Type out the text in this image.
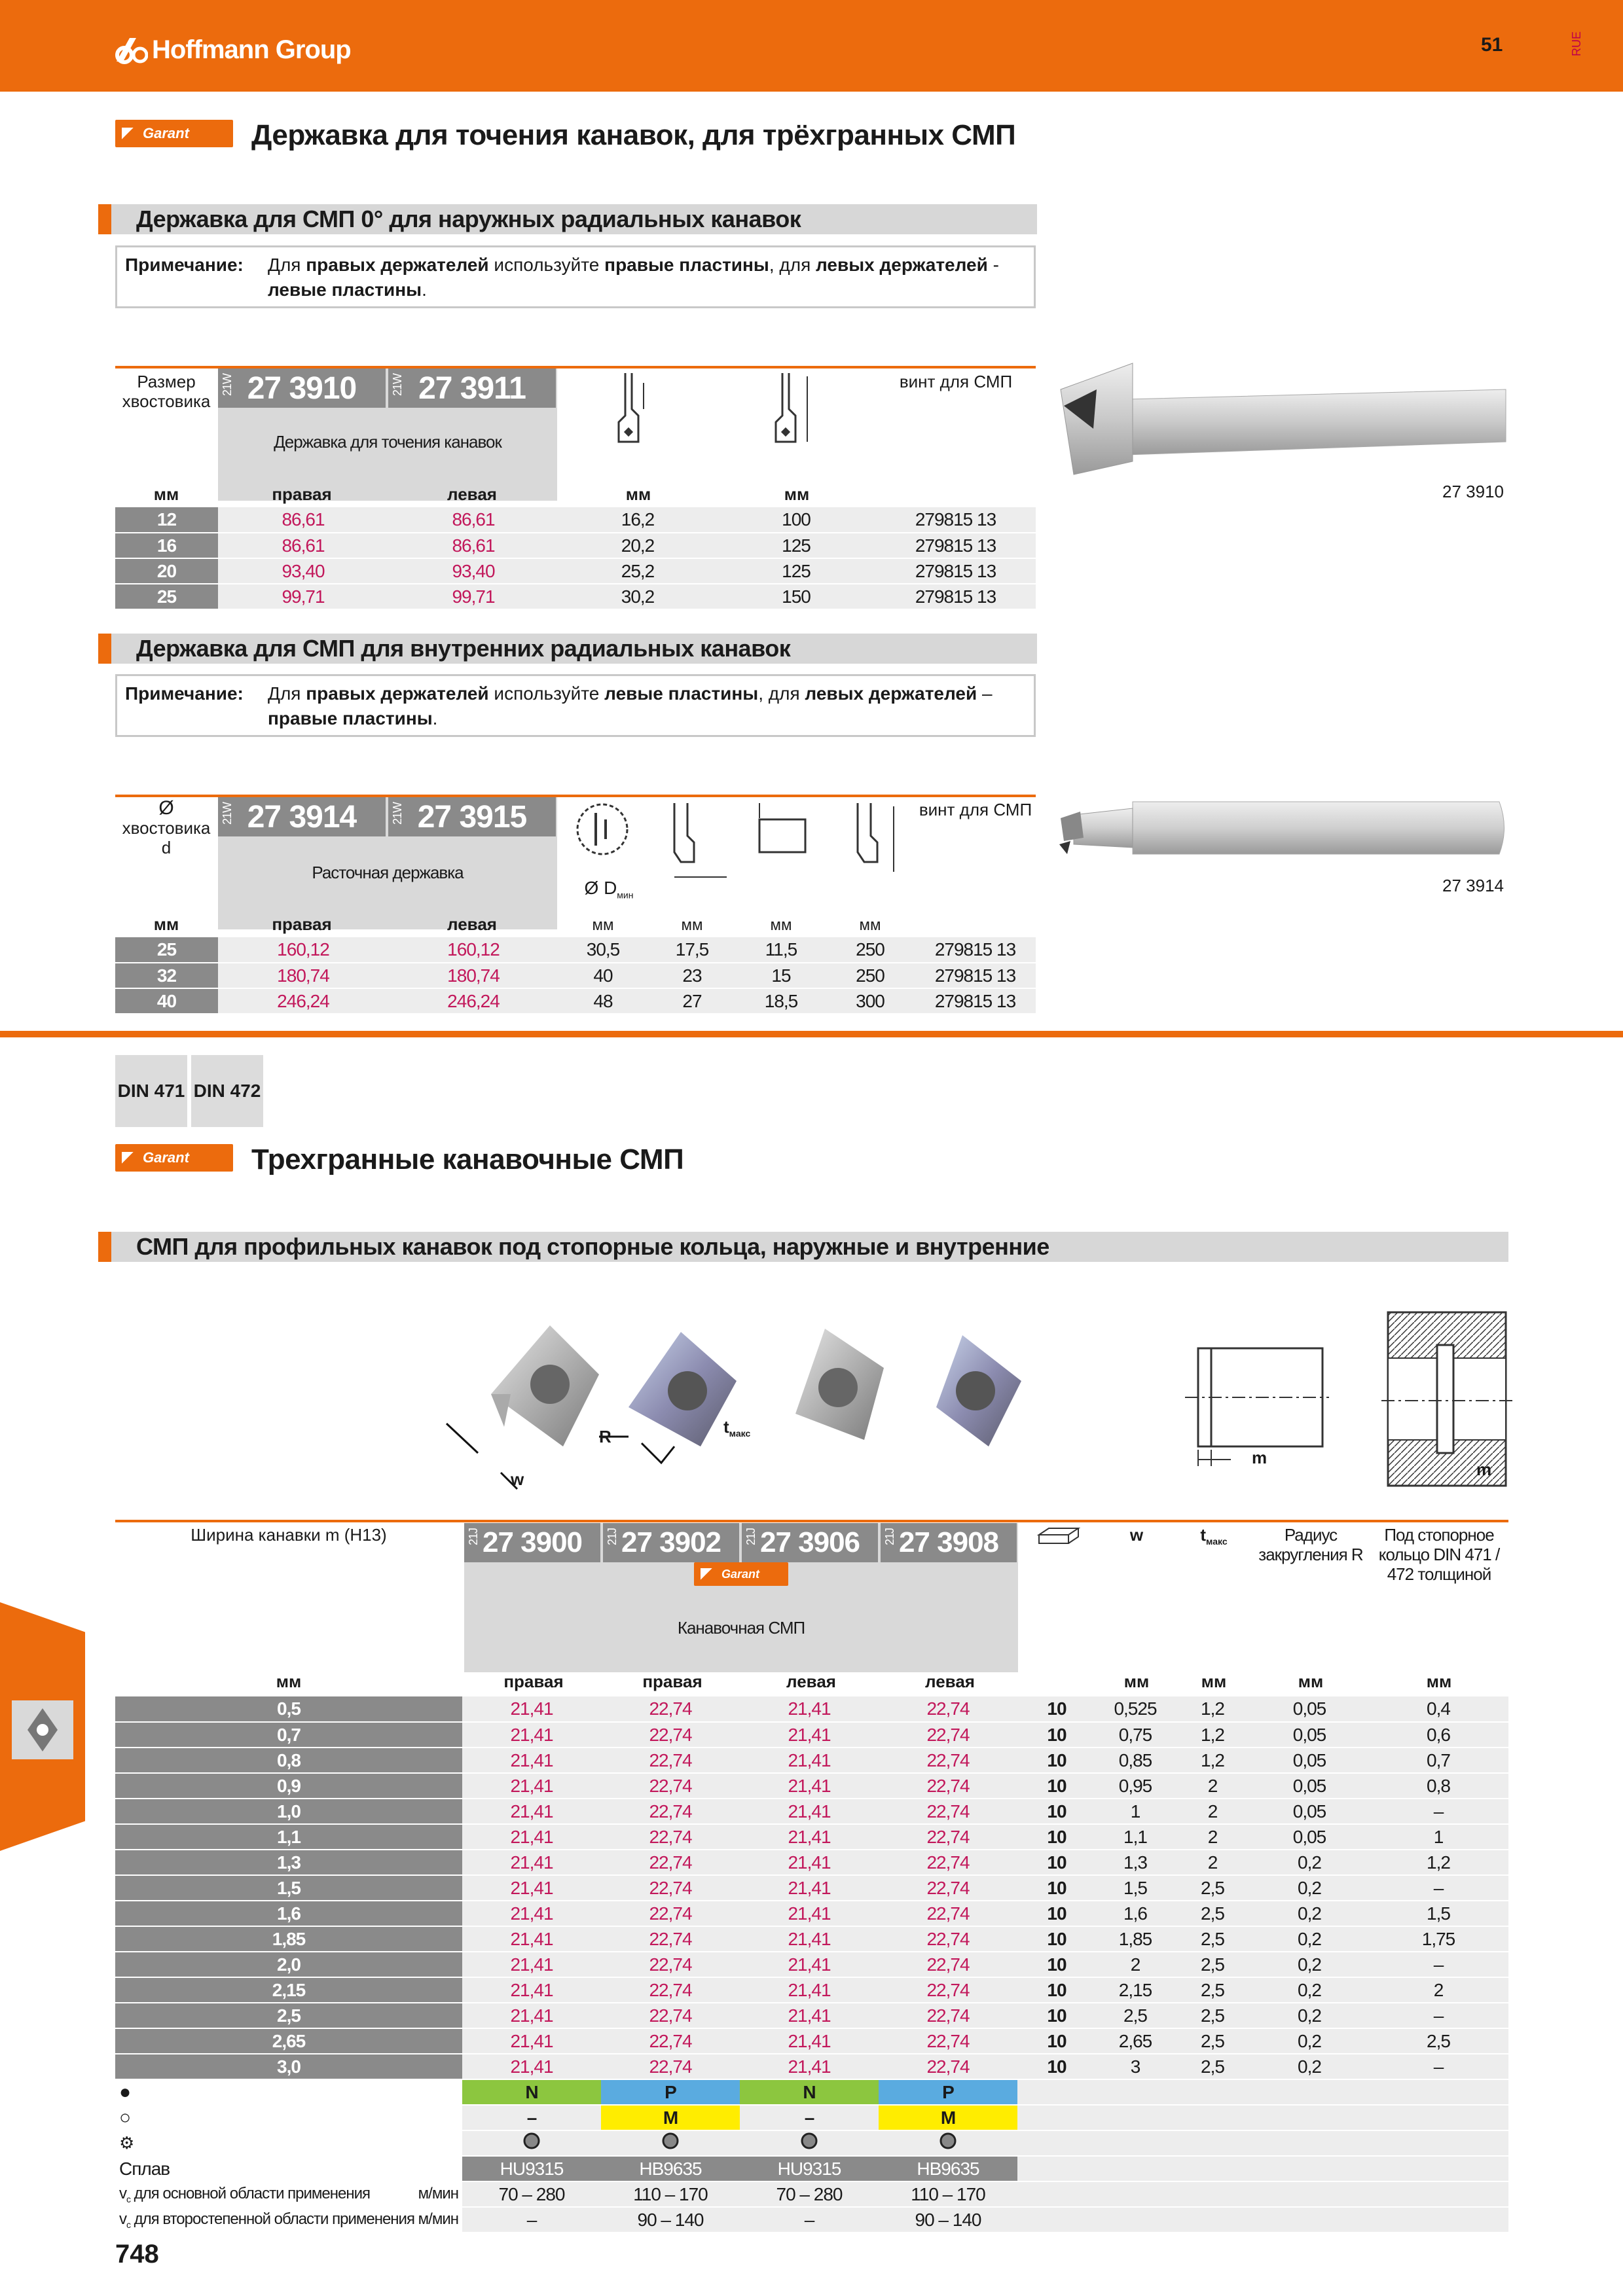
Hoffmann Group	51	RUE
Garant Державка для точения канавок, для трёхгранных СМП
Державка для СМП 0° для наружных радиальных канавок
Примечание: Для правых держателей используйте правые пластины, для левых держателей -
левые пластины.
Размер хвостовика
21W 27 3910	21W 27 3911
Державка для точения канавок
винт для СМП
мм	правая	левая	мм	мм
12	86,61	86,61	16,2	100	279815 13
16	86,61	86,61	20,2	125	279815 13
20	93,40	93,40	25,2	125	279815 13
25	99,71	99,71	30,2	150	279815 13
27 3910
Державка для СМП для внутренних радиальных канавок
Примечание: Для правых держателей используйте левые пластины, для левых держателей –
правые пластины.
Ø
хвостовика d
21W 27 3914	21W 27 3915
Расточная державка
Ø $D_{мин}$
винт для СМП
мм	правая	левая	мм	мм	мм	мм
25	160,12	160,12	30,5	17,5	11,5	250	279815 13
32	180,74	180,74	40	23	15	250	279815 13
40	246,24	246,24	48	27	18,5	300	279815 13
27 3914
DIN 471 DIN 472
Garant Трехгранные канавочные СМП
СМП для профильных канавок под стопорные кольца, наружные и внутренние
w
R	$t_{макс}$
m
m
Ширина канавки m (H13)	21J 27 3900 21J 27 3902 21J 27 3906 21J 27 3908
Garant
Канавочная СМП
w	$t_{макс}$	Радиус закругления R
Под стопорное кольцо DIN 471 / 472 толщиной
мм	правая	правая	левая	левая	мм	мм	мм	мм
0,5	21,41	22,74	21,41	22,74	10	0,525	1,2	0,05	0,4
0,7	21,41	22,74	21,41	22,74	10	0,75	1,2	0,05	0,6
0,8	21,41	22,74	21,41	22,74	10	0,85	1,2	0,05	0,7
0,9	21,41	22,74	21,41	22,74	10	0,95	2	0,05	0,8
1,0	21,41	22,74	21,41	22,74	10	1	2	0,05	–
1,1	21,41	22,74	21,41	22,74	10	1,1	2	0,05	1
1,3	21,41	22,74	21,41	22,74	10	1,3	2	0,2	1,2
1,5	21,41	22,74	21,41	22,74	10	1,5	2,5	0,2	–
1,6	21,41	22,74	21,41	22,74	10	1,6	2,5	0,2	1,5
1,85	21,41	22,74	21,41	22,74	10	1,85	2,5	0,2	1,75
2,0	21,41	22,74	21,41	22,74	10	2	2,5	0,2	–
2,15	21,41	22,74	21,41	22,74	10	2,15	2,5	0,2	2
2,5	21,41	22,74	21,41	22,74	10	2,5	2,5	0,2	–
2,65	21,41	22,74	21,41	22,74	10	2,65	2,5	0,2	2,5
3,0	21,41	22,74	21,41	22,74	10	3	2,5	0,2	–
●	N	P	N	P					
○	–	M	–	M					
⚙									
Сплав	HU9315	HB9635	HU9315	HB9635					
$v_c$ для основной области применения м/мин	70 – 280	110 – 170	70 – 280	110 – 170					
$v_c$ для второстепенной области применения м/мин	–	90 – 140	–	90 – 140					
748
